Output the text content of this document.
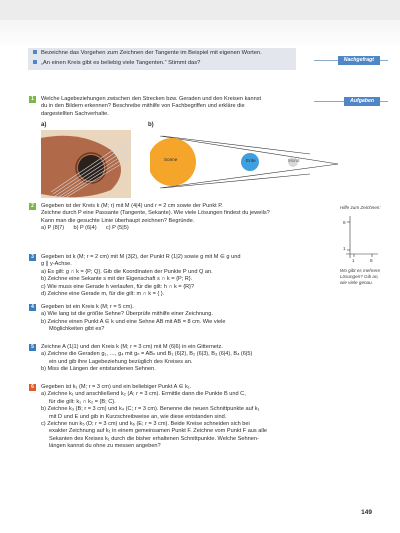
Nachgefragt
Bezeichne das Vorgehen zum Zeichnen der Tangente im Beispiel mit eigenen Worten.
„An einen Kreis gibt es beliebig viele Tangenten.“ Stimmt das?
Aufgaben
1	Welche Lagebeziehungen zwischen den Strecken bzw. Geraden und den Kreisen kannst
du in den Bildern erkennen? Beschreibe mithilfe von Fachbegriffen und erkläre die
dargestellten Sachverhalte.
a)	b)
Sonne	Erde	Mond
2	Gegeben ist der Kreis k (M; r) mit M (4|4) und r = 2 cm sowie der Punkt P.
Zeichne durch P eine Passante (Tangente, Sekante). Wie viele Lösungen findest du jeweils?
Kann man die gesuchte Linie überhaupt zeichnen? Begründe.
a) P (8|7) b) P (6|4) c) P (5|5)
Hilfe zum Zeichnen:
8
1
1	8
Wo gibt es mehrere
Lösungen? Gib an,
wie viele genau.
3	Gegeben ist k (M; r = 2 cm) mit M (3|2), der Punkt R (1|2) sowie g mit M ∈ g und
g ∥ y-Achse.
a) Es gilt: g ∩ k = {P; Q}. Gib die Koordinaten der Punkte P und Q an.
b) Zeichne eine Sekante s mit der Eigenschaft s ∩ k = {P; R}.
c) Wie muss eine Gerade h verlaufen, für die gilt: h ∩ k = {R}?
d) Zeichne eine Gerade m, für die gilt: m ∩ k = { }.
4	Gegeben ist ein Kreis k (M; r = 5 cm).
a) Wie lang ist die größte Sehne? Überprüfe mithilfe einer Zeichnung.
b) Zeichne einen Punkt A ∈ k und eine Sehne AB mit AB = 8 cm. Wie viele
Möglichkeiten gibt es?
5	Zeichne A (1|1) und den Kreis k (M; r = 3 cm) mit M (6|6) in ein Gitternetz.
a) Zeichne die Geraden g₁, …, g₄ mit gₙ = ABₙ und B₁ (6|2), B₂ (6|3), B₃ (6|4), B₄ (6|5)
ein und gib ihre Lagebeziehung bezüglich des Kreises an.
b) Miss die Längen der entstandenen Sehnen.
6	Gegeben ist k₁ (M; r = 3 cm) und ein beliebiger Punkt A ∈ k₁.
a) Zeichne k₁ und anschließend k₂ (A; r = 3 cm). Ermittle dann die Punkte B und C,
für die gilt: k₁ ∩ k₂ = {B; C}.
b) Zeichne k₃ (B; r = 3 cm) und k₄ (C; r = 3 cm). Benenne die neuen Schnittpunkte auf k₁
mit D und E und gib in Kurzschreibweise an, wie diese entstanden sind.
c) Zeichne nun k₅ (D; r = 3 cm) und k₆ (E; r = 3 cm). Beide Kreise schneiden sich bei
exakter Zeichnung auf k₁ in einem gemeinsamen Punkt F. Zeichne vom Punkt F aus alle
Sekanten des Kreises k₁ durch die bisher erhaltenen Schnittpunkte. Welche Sehnen-
längen kannst du ohne zu messen angeben?
149
